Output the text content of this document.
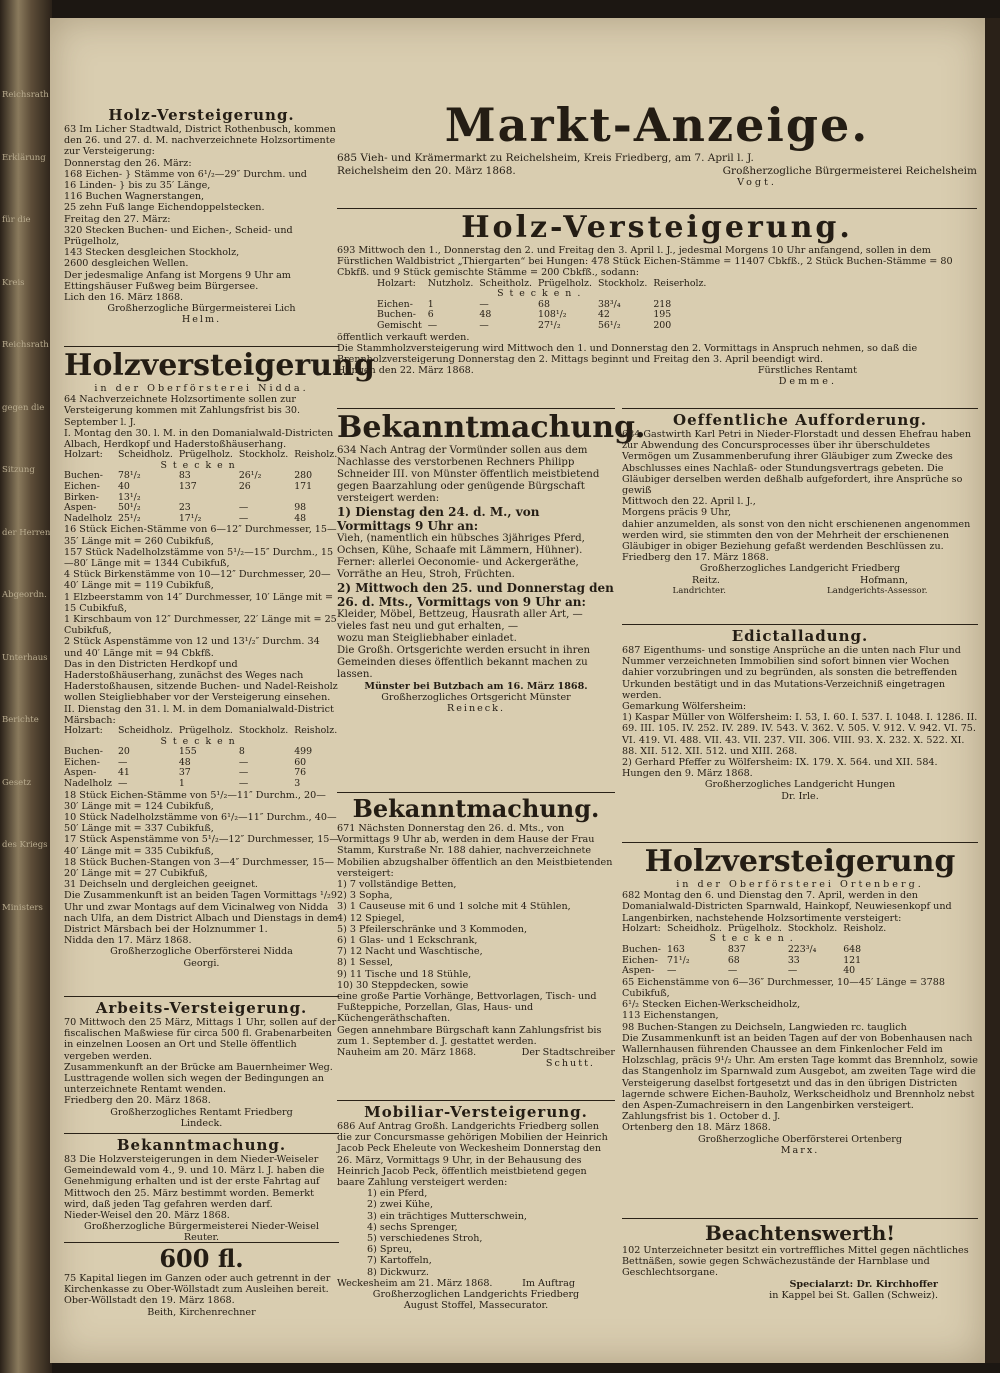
Reichsrath
Erklärung
für die
Kreis
Reichsrath
gegen die
Sitzung
der Herren
Abgeordn.
Unterhaus
Berichte
Gesetz
des Kriegs
Ministers
Holz-Versteigerung.

63 Im Licher Stadtwald, District Rothenbusch, kommen den 26. und 27. d. M. nachverzeichnete Holzsortimente zur Versteigerung:

Donnerstag den 26. März:

168 Eichen- } Stämme von 6¹/₂—29″ Durchm. und

16 Linden- } bis zu 35′ Länge,

116 Buchen Wagnerstangen,

25 zehn Fuß lange Eichendoppelstecken.

Freitag den 27. März:

320 Stecken Buchen- und Eichen-, Scheid- und Prügelholz,

143 Stecken desgleichen Stockholz,

2600 desgleichen Wellen.

Der jedesmalige Anfang ist Morgens 9 Uhr am Ettingshäuser Fußweg beim Bürgersee.

Lich den 16. März 1868.

Großherzogliche Bürgermeisterei Lich
Helm.
Holzversteigerung
in der Oberförsterei Nidda.

64 Nachverzeichnete Holzsortimente sollen zur Versteigerung kommen mit Zahlungsfrist bis 30. September l. J.

I. Montag den 30. l. M. in den Domanialwald-Districten Albach, Herdkopf und Haderstoßhäuserhang.

Holzart:	Scheidholz.	Prügelholz.	Stockholz.	Reisholz.
Stecken				
Buchen-	78¹/₂	83	26¹/₂	280
Eichen-	40	137	26	171
Birken-	13¹/₂			
Aspen-	50¹/₂	23	—	98
Nadelholz	25¹/₂	17¹/₂	—	48

16 Stück Eichen-Stämme von 6—12″ Durchmesser, 15—35′ Länge mit = 260 Cubikfuß,

157 Stück Nadelholzstämme von 5¹/₂—15″ Durchm., 15—80′ Länge mit = 1344 Cubikfuß,

4 Stück Birkenstämme von 10—12″ Durchmesser, 20—40′ Länge mit = 119 Cubikfuß,

1 Elzbeerstamm von 14″ Durchmesser, 10′ Länge mit = 15 Cubikfuß,

1 Kirschbaum von 12″ Durchmesser, 22′ Länge mit = 25 Cubikfuß,

2 Stück Aspenstämme von 12 und 13¹/₂″ Durchm. 34 und 40′ Länge mit = 94 Cbkfß.

Das in den Districten Herdkopf und Haderstoßhäuserhang, zunächst des Weges nach Haderstoßhausen, sitzende Buchen- und Nadel-Reisholz wollen Steigliebhaber vor der Versteigerung einsehen.

II. Dienstag den 31. l. M. in dem Domanialwald-District Märsbach:

Holzart:	Scheidholz.	Prügelholz.	Stockholz.	Reisholz.
Stecken				
Buchen-	20	155	8	499
Eichen-	—	48	—	60
Aspen-	41	37	—	76
Nadelholz	—	1	—	3

18 Stück Eichen-Stämme von 5¹/₂—11″ Durchm., 20—30′ Länge mit = 124 Cubikfuß,

10 Stück Nadelholzstämme von 6¹/₂—11″ Durchm., 40—50′ Länge mit = 337 Cubikfuß,

17 Stück Aspenstämme von 5¹/₂—12″ Durchmesser, 15—40′ Länge mit = 335 Cubikfuß,

18 Stück Buchen-Stangen von 3—4″ Durchmesser, 15—20′ Länge mit = 27 Cubikfuß,

31 Deichseln und dergleichen geeignet.

Die Zusammenkunft ist an beiden Tagen Vormittags ¹/₂9 Uhr und zwar Montags auf dem Vicinalweg von Nidda nach Ulfa, an dem District Albach und Dienstags in dem District Märsbach bei der Holznummer 1.

Nidda den 17. März 1868.

Großherzogliche Oberförsterei Nidda
Georgi.
Arbeits-Versteigerung.

70 Mittwoch den 25 März, Mittags 1 Uhr, sollen auf der fiscalischen Maßwiese für circa 500 fl. Grabenarbeiten in einzelnen Loosen an Ort und Stelle öffentlich vergeben werden.

Zusammenkunft an der Brücke am Bauernheimer Weg.

Lusttragende wollen sich wegen der Bedingungen an unterzeichnete Rentamt wenden.

Friedberg den 20. März 1868.

Großherzogliches Rentamt Friedberg
Lindeck.
Bekanntmachung.

83 Die Holzversteigerungen in dem Nieder-Weiseler Gemeindewald vom 4., 9. und 10. März l. J. haben die Genehmigung erhalten und ist der erste Fahrtag auf Mittwoch den 25. März bestimmt worden. Bemerkt wird, daß jeden Tag gefahren werden darf.

Nieder-Weisel den 20. März 1868.

Großherzogliche Bürgermeisterei Nieder-Weisel
Reuter.
600 fl.

75 Kapital liegen im Ganzen oder auch getrennt in der Kirchenkasse zu Ober-Wöllstadt zum Ausleihen bereit.

Ober-Wöllstadt den 19. März 1868.

Beith, Kirchenrechner
Markt-Anzeige.

685 Vieh- und Krämermarkt zu Reichelsheim, Kreis Friedberg, am 7. April l. J.

Reichelsheim den 20. März 1868.	Großherzogliche Bürgermeisterei Reichelsheim
Vogt.
Holz-Versteigerung.

693 Mittwoch den 1., Donnerstag den 2. und Freitag den 3. April l. J., jedesmal Morgens 10 Uhr anfangend, sollen in dem Fürstlichen Waldbistrict „Thiergarten“ bei Hungen: 478 Stück Eichen-Stämme = 11407 Cbkfß., 2 Stück Buchen-Stämme = 80 Cbkfß. und 9 Stück gemischte Stämme = 200 Cbkfß., sodann:

Holzart:	Nutzholz.	Scheitholz.	Prügelholz.	Stockholz.	Reiserholz.
Stecken.					
Eichen-	1	—	68	38³/₄	218
Buchen-	6	48	108¹/₂	42	195
Gemischt	—	—	27¹/₂	56¹/₂	200

öffentlich verkauft werden.

Die Stammholzversteigerung wird Mittwoch den 1. und Donnerstag den 2. Vormittags in Anspruch nehmen, so daß die Brennholzversteigerung Donnerstag den 2. Mittags beginnt und Freitag den 3. April beendigt wird.

Hungen den 22. März 1868.	Fürstliches Rentamt
Demme.
Bekanntmachung.

634 Nach Antrag der Vormünder sollen aus dem Nachlasse des verstorbenen Rechners Philipp Schneider III. von Münster öffentlich meistbietend gegen Baarzahlung oder genügende Bürgschaft versteigert werden:

1) Dienstag den 24. d. M., von Vormittags 9 Uhr an:

Vieh, (namentlich ein hübsches 3jähriges Pferd, Ochsen, Kühe, Schaafe mit Lämmern, Hühner).

Ferner: allerlei Oeconomie- und Ackergeräthe, Vorräthe an Heu, Stroh, Früchten.

2) Mittwoch den 25. und Donnerstag den 26. d. Mts., Vormittags von 9 Uhr an:

Kleider, Möbel, Bettzeug, Hausrath aller Art, — vieles fast neu und gut erhalten, —

wozu man Steigliebhaber einladet.

Die Großh. Ortsgerichte werden ersucht in ihren Gemeinden dieses öffentlich bekannt machen zu lassen.

Münster bei Butzbach am 16. März 1868.
Großherzogliches Ortsgericht Münster
Reineck.
Bekanntmachung.

671 Nächsten Donnerstag den 26. d. Mts., von Vormittags 9 Uhr ab, werden in dem Hause der Frau Stamm, Kurstraße Nr. 188 dahier, nachverzeichnete Mobilien abzugshalber öffentlich an den Meistbietenden versteigert:

1) 7 vollständige Betten,

2) 3 Sopha,

3) 1 Causeuse mit 6 und 1 solche mit 4 Stühlen,

4) 12 Spiegel,

5) 3 Pfeilerschränke und 3 Kommoden,

6) 1 Glas- und 1 Eckschrank,

7) 12 Nacht und Waschtische,

8) 1 Sessel,

9) 11 Tische und 18 Stühle,

10) 30 Steppdecken, sowie

eine große Partie Vorhänge, Bettvorlagen, Tisch- und Fußteppiche, Porzellan, Glas, Haus- und Küchengeräthschaften.

Gegen annehmbare Bürgschaft kann Zahlungsfrist bis zum 1. September d. J. gestattet werden.

Nauheim am 20. März 1868.	Der Stadtschreiber
Schutt.
Mobiliar-Versteigerung.

686 Auf Antrag Großh. Landgerichts Friedberg sollen die zur Concursmasse gehörigen Mobilien der Heinrich Jacob Peck Eheleute von Weckesheim Donnerstag den 26. März, Vormittags 9 Uhr, in der Behausung des Heinrich Jacob Peck, öffentlich meistbietend gegen baare Zahlung versteigert werden:

1) ein Pferd,

2) zwei Kühe,

3) ein trächtiges Mutterschwein,

4) sechs Sprenger,

5) verschiedenes Stroh,

6) Spreu,

7) Kartoffeln,

8) Dickwurz.

Weckesheim am 21. März 1868.	Im Auftrag
Großherzoglichen Landgerichts Friedberg
August Stoffel, Massecurator.
Oeffentliche Aufforderung.

684 Gastwirth Karl Petri in Nieder-Florstadt und dessen Ehefrau haben zur Abwendung des Concursprocesses über ihr überschuldetes Vermögen um Zusammenberufung ihrer Gläubiger zum Zwecke des Abschlusses eines Nachlaß- oder Stundungsvertrags gebeten. Die Gläubiger derselben werden deßhalb aufgefordert, ihre Ansprüche so gewiß

Mittwoch den 22. April l. J.,

Morgens präcis 9 Uhr,

dahier anzumelden, als sonst von den nicht erschienenen angenommen werden wird, sie stimmten den von der Mehrheit der erschienenen Gläubiger in obiger Beziehung gefaßt werdenden Beschlüssen zu.

Friedberg den 17. März 1868.

Großherzogliches Landgericht Friedberg
Reitz.	Hofmann,
Landrichter.	Landgerichts-Assessor.
Edictalladung.

687 Eigenthums- und sonstige Ansprüche an die unten nach Flur und Nummer verzeichneten Immobilien sind sofort binnen vier Wochen dahier vorzubringen und zu begründen, als sonsten die betreffenden Urkunden bestätigt und in das Mutations-Verzeichniß eingetragen werden.

Gemarkung Wölfersheim:

1) Kaspar Müller von Wölfersheim: I. 53, I. 60. I. 537. I. 1048. I. 1286. II. 69. III. 105. IV. 252. IV. 289. IV. 543. V. 362. V. 505. V. 912. V. 942. VI. 75. VI. 419. VI. 488. VII. 43. VII. 237. VII. 306. VIII. 93. X. 232. X. 522. XI. 88. XII. 512. XII. 512. und XIII. 268.

2) Gerhard Pfeffer zu Wölfersheim: IX. 179. X. 564. und XII. 584.

Hungen den 9. März 1868.

Großherzogliches Landgericht Hungen
Dr. Irle.
Holzversteigerung
in der Oberförsterei Ortenberg.

682 Montag den 6. und Dienstag den 7. April, werden in den Domanialwald-Districten Sparnwald, Hainkopf, Neuwiesenkopf und Langenbirken, nachstehende Holzsortimente versteigert:

Holzart:	Scheidholz.	Prügelholz.	Stockholz.	Reisholz.
Stecken.				
Buchen-	163	837	223³/₄	648
Eichen-	71¹/₂	68	33	121
Aspen-	—	—	—	40

65 Eichenstämme von 6—36″ Durchmesser, 10—45′ Länge = 3788 Cubikfuß,

6¹/₂ Stecken Eichen-Werkscheidholz,

113 Eichenstangen,

98 Buchen-Stangen zu Deichseln, Langwieden rc. tauglich

Die Zusammenkunft ist an beiden Tagen auf der von Bobenhausen nach Wallernhausen führenden Chaussee an dem Finkenlocher Feld im Holzschlag, präcis 9¹/₂ Uhr. Am ersten Tage kommt das Brennholz, sowie das Stangenholz im Sparnwald zum Ausgebot, am zweiten Tage wird die Versteigerung daselbst fortgesetzt und das in den übrigen Districten lagernde schwere Eichen-Bauholz, Werkscheidholz und Brennholz nebst den Aspen-Zumachreisern in den Langenbirken versteigert.

Zahlungsfrist bis 1. October d. J.

Ortenberg den 18. März 1868.

Großherzogliche Oberförsterei Ortenberg
Marx.
Beachtenswerth!

102 Unterzeichneter besitzt ein vortreffliches Mittel gegen nächtliches Bettnäßen, sowie gegen Schwächezustände der Harnblase und Geschlechtsorgane.

Specialarzt: Dr. Kirchhoffer
in Kappel bei St. Gallen (Schweiz).
